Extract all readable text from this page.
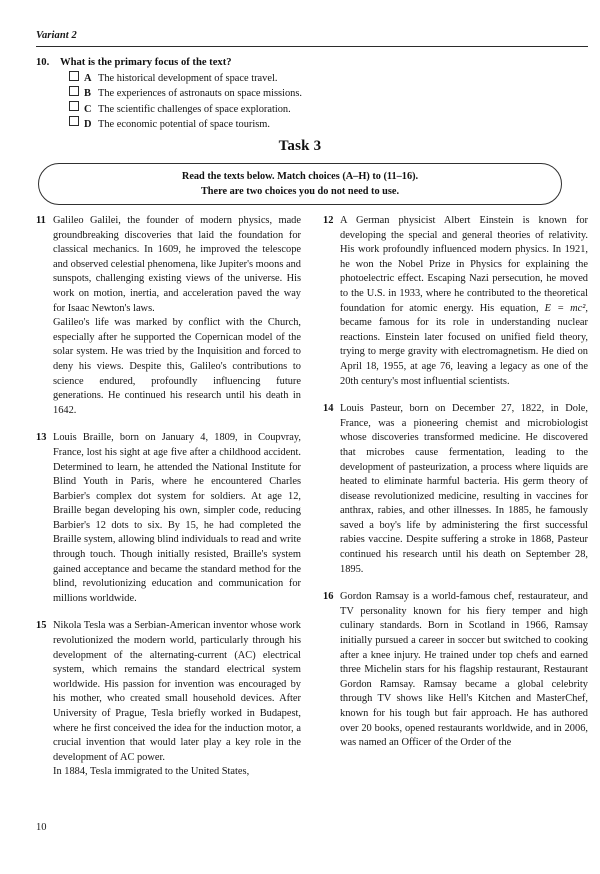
Variant 2
10.	What is the primary focus of the text?
A The historical development of space travel.
B The experiences of astronauts on space missions.
C The scientific challenges of space exploration.
D The economic potential of space tourism.
Task 3
Read the texts below. Match choices (A–H) to (11–16).
There are two choices you do not need to use.
11 Galileo Galilei, the founder of modern physics, made groundbreaking discoveries that laid the foundation for classical mechanics. In 1609, he improved the telescope and observed celestial phenomena, like Jupiter's moons and sunspots, challenging existing views of the universe. His work on motion, inertia, and acceleration paved the way for Isaac Newton's laws.

Galileo's life was marked by conflict with the Church, especially after he supported the Copernican model of the solar system. He was tried by the Inquisition and forced to deny his views. Despite this, Galileo's contributions to science endured, profoundly influencing future generations. He continued his research until his death in 1642.

13 Louis Braille, born on January 4, 1809, in Coupvray, France, lost his sight at age five after a childhood accident. Determined to learn, he attended the National Institute for Blind Youth in Paris, where he encountered Charles Barbier's complex dot system for soldiers. At age 12, Braille began developing his own, simpler code, reducing Barbier's 12 dots to six. By 15, he had completed the Braille system, allowing blind individuals to read and write through touch. Though initially resisted, Braille's system gained acceptance and became the standard method for the blind, revolutionizing education and communication for millions worldwide.

15 Nikola Tesla was a Serbian-American inventor whose work revolutionized the modern world, particularly through his development of the alternating-current (AC) electrical system, which remains the standard electrical system worldwide. His passion for invention was encouraged by his mother, who created small household devices. After University of Prague, Tesla briefly worked in Budapest, where he first conceived the idea for the induction motor, a crucial invention that would later play a key role in the development of AC power.

In 1884, Tesla immigrated to the United States,

12 A German physicist Albert Einstein is known for developing the special and general theories of relativity. His work profoundly influenced modern physics. In 1921, he won the Nobel Prize in Physics for explaining the photoelectric effect. Escaping Nazi persecution, he moved to the U.S. in 1933, where he contributed to the theoretical foundation for atomic energy. His equation, E = mc², became famous for its role in understanding nuclear reactions. Einstein later focused on unified field theory, trying to merge gravity with electromagnetism. He died on April 18, 1955, at age 76, leaving a legacy as one of the 20th century's most influential scientists.

14 Louis Pasteur, born on December 27, 1822, in Dole, France, was a pioneering chemist and microbiologist whose discoveries transformed medicine. He discovered that microbes cause fermentation, leading to the development of pasteurization, a process where liquids are heated to eliminate harmful bacteria. His germ theory of disease revolutionized medicine, resulting in vaccines for anthrax, rabies, and other illnesses. In 1885, he famously saved a boy's life by administering the first successful rabies vaccine. Despite suffering a stroke in 1868, Pasteur continued his research until his death on September 28, 1895.

16 Gordon Ramsay is a world-famous chef, restaurateur, and TV personality known for his fiery temper and high culinary standards. Born in Scotland in 1966, Ramsay initially pursued a career in soccer but switched to cooking after a knee injury. He trained under top chefs and earned three Michelin stars for his flagship restaurant, Restaurant Gordon Ramsay. Ramsay became a global celebrity through TV shows like Hell's Kitchen and MasterChef, known for his tough but fair approach. He has authored over 20 books, opened restaurants worldwide, and in 2006, was named an Officer of the Order of the

10
